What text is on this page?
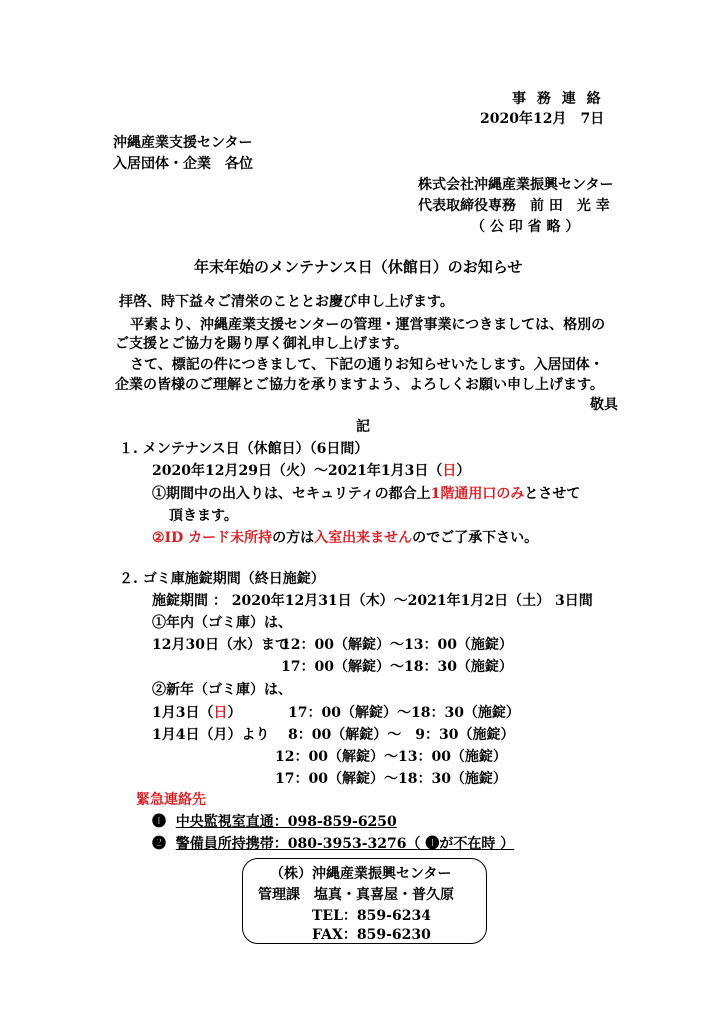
事 務 連 絡
2020年12月　7日
沖縄産業支援センター
入居団体・企業　各位
株式会社沖縄産業振興センター
代表取締役専務　前 田　光 幸
（ 公 印 省 略 ）
年末年始のメンテナンス日（休館日）のお知らせ
拝啓、時下益々ご清栄のこととお慶び申し上げます。
平素より、沖縄産業支援センターの管理・運営事業につきましては、格別の
ご支援とご協力を賜り厚く御礼申し上げます。
さて、標記の件につきまして、下記の通りお知らせいたします。入居団体・
企業の皆様のご理解とご協力を承りますよう、よろしくお願い申し上げます。
敬具
記
１. メンテナンス日（休館日）（6日間）
2020年12月29日（火）～2021年1月3日（日）
①期間中の出入りは、セキュリティの都合上1階通用口のみとさせて
頂きます。
②ID カード未所持の方は入室出来ませんのでご了承下さい。
２. ゴミ庫施錠期間（終日施錠）
施錠期間 ： 2020年12月31日（木）～2021年1月2日（土） 3日間
①年内（ゴミ庫）は、
12月30日（水）まで
12：00（解錠）～13：00（施錠）
17：00（解錠）～18：30（施錠）
②新年（ゴミ庫）は、
1月3日（日）	17：00（解錠）～18：30（施錠）
1月4日（月）より 8：00（解錠）～　9：30（施錠）
12：00（解錠）～13：00（施錠）
17：00（解錠）～18：30（施錠）
緊急連絡先
❶ 中央監視室直通：098-859-6250
❷ 警備員所持携帯：080-3953-3276（ ❶が不在時 ）
（株）沖縄産業振興センター
管理課　塩真・真喜屋・普久原
TEL：859-6234
FAX：859-6230
